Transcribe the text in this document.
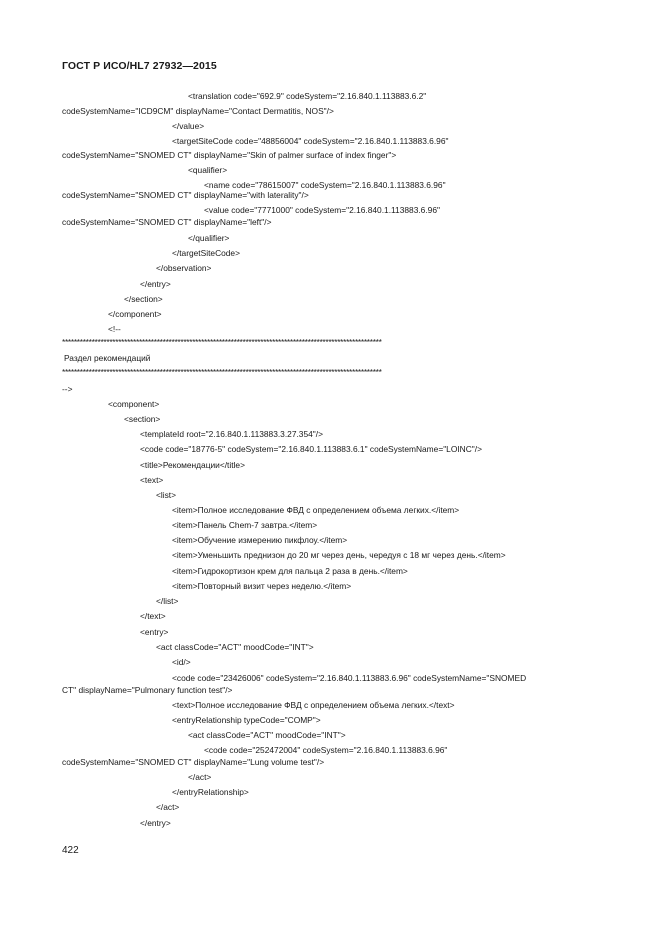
ГОСТ Р ИСО/HL7 27932—2015
<translation code="692.9" codeSystem="2.16.840.1.113883.6.2"
codeSystemName="ICD9CM" displayName="Contact Dermatitis, NOS"/>
</value>
<targetSiteCode code="48856004" codeSystem="2.16.840.1.113883.6.96"
codeSystemName="SNOMED CT" displayName="Skin of palmer surface of index finger">
<qualifier>
<name code="78615007" codeSystem="2.16.840.1.113883.6.96"
codeSystemName="SNOMED CT" displayName="with laterality"/>
<value code="7771000" codeSystem="2.16.840.1.113883.6.96"
codeSystemName="SNOMED CT" displayName="left"/>
</qualifier>
</targetSiteCode>
</observation>
</entry>
</section>
</component>
<!--
************************************************************************************************************
Раздел рекомендаций
************************************************************************************************************
-->
<component>
<section>
<templateId root="2.16.840.1.113883.3.27.354"/>
<code code="18776-5" codeSystem="2.16.840.1.113883.6.1" codeSystemName="LOINC"/>
<title>Рекомендации</title>
<text>
<list>
<item>Полное исследование ФВД с определением объема легких.</item>
<item>Панель Chem-7 завтра.</item>
<item>Обучение измерению пикфлоу.</item>
<item>Уменьшить преднизон до 20 мг через день, чередуя с 18 мг через день.</item>
<item>Гидрокортизон крем для пальца 2 раза в день.</item>
<item>Повторный визит через неделю.</item>
</list>
</text>
<entry>
<act classCode="ACT" moodCode="INT">
<id/>
<code code="23426006" codeSystem="2.16.840.1.113883.6.96" codeSystemName="SNOMED
CT" displayName="Pulmonary function test"/>
<text>Полное исследование ФВД с определением объема легких.</text>
<entryRelationship typeCode="COMP">
<act classCode="ACT" moodCode="INT">
<code code="252472004" codeSystem="2.16.840.1.113883.6.96"
codeSystemName="SNOMED CT" displayName="Lung volume test"/>
</act>
</entryRelationship>
</act>
</entry>
422
